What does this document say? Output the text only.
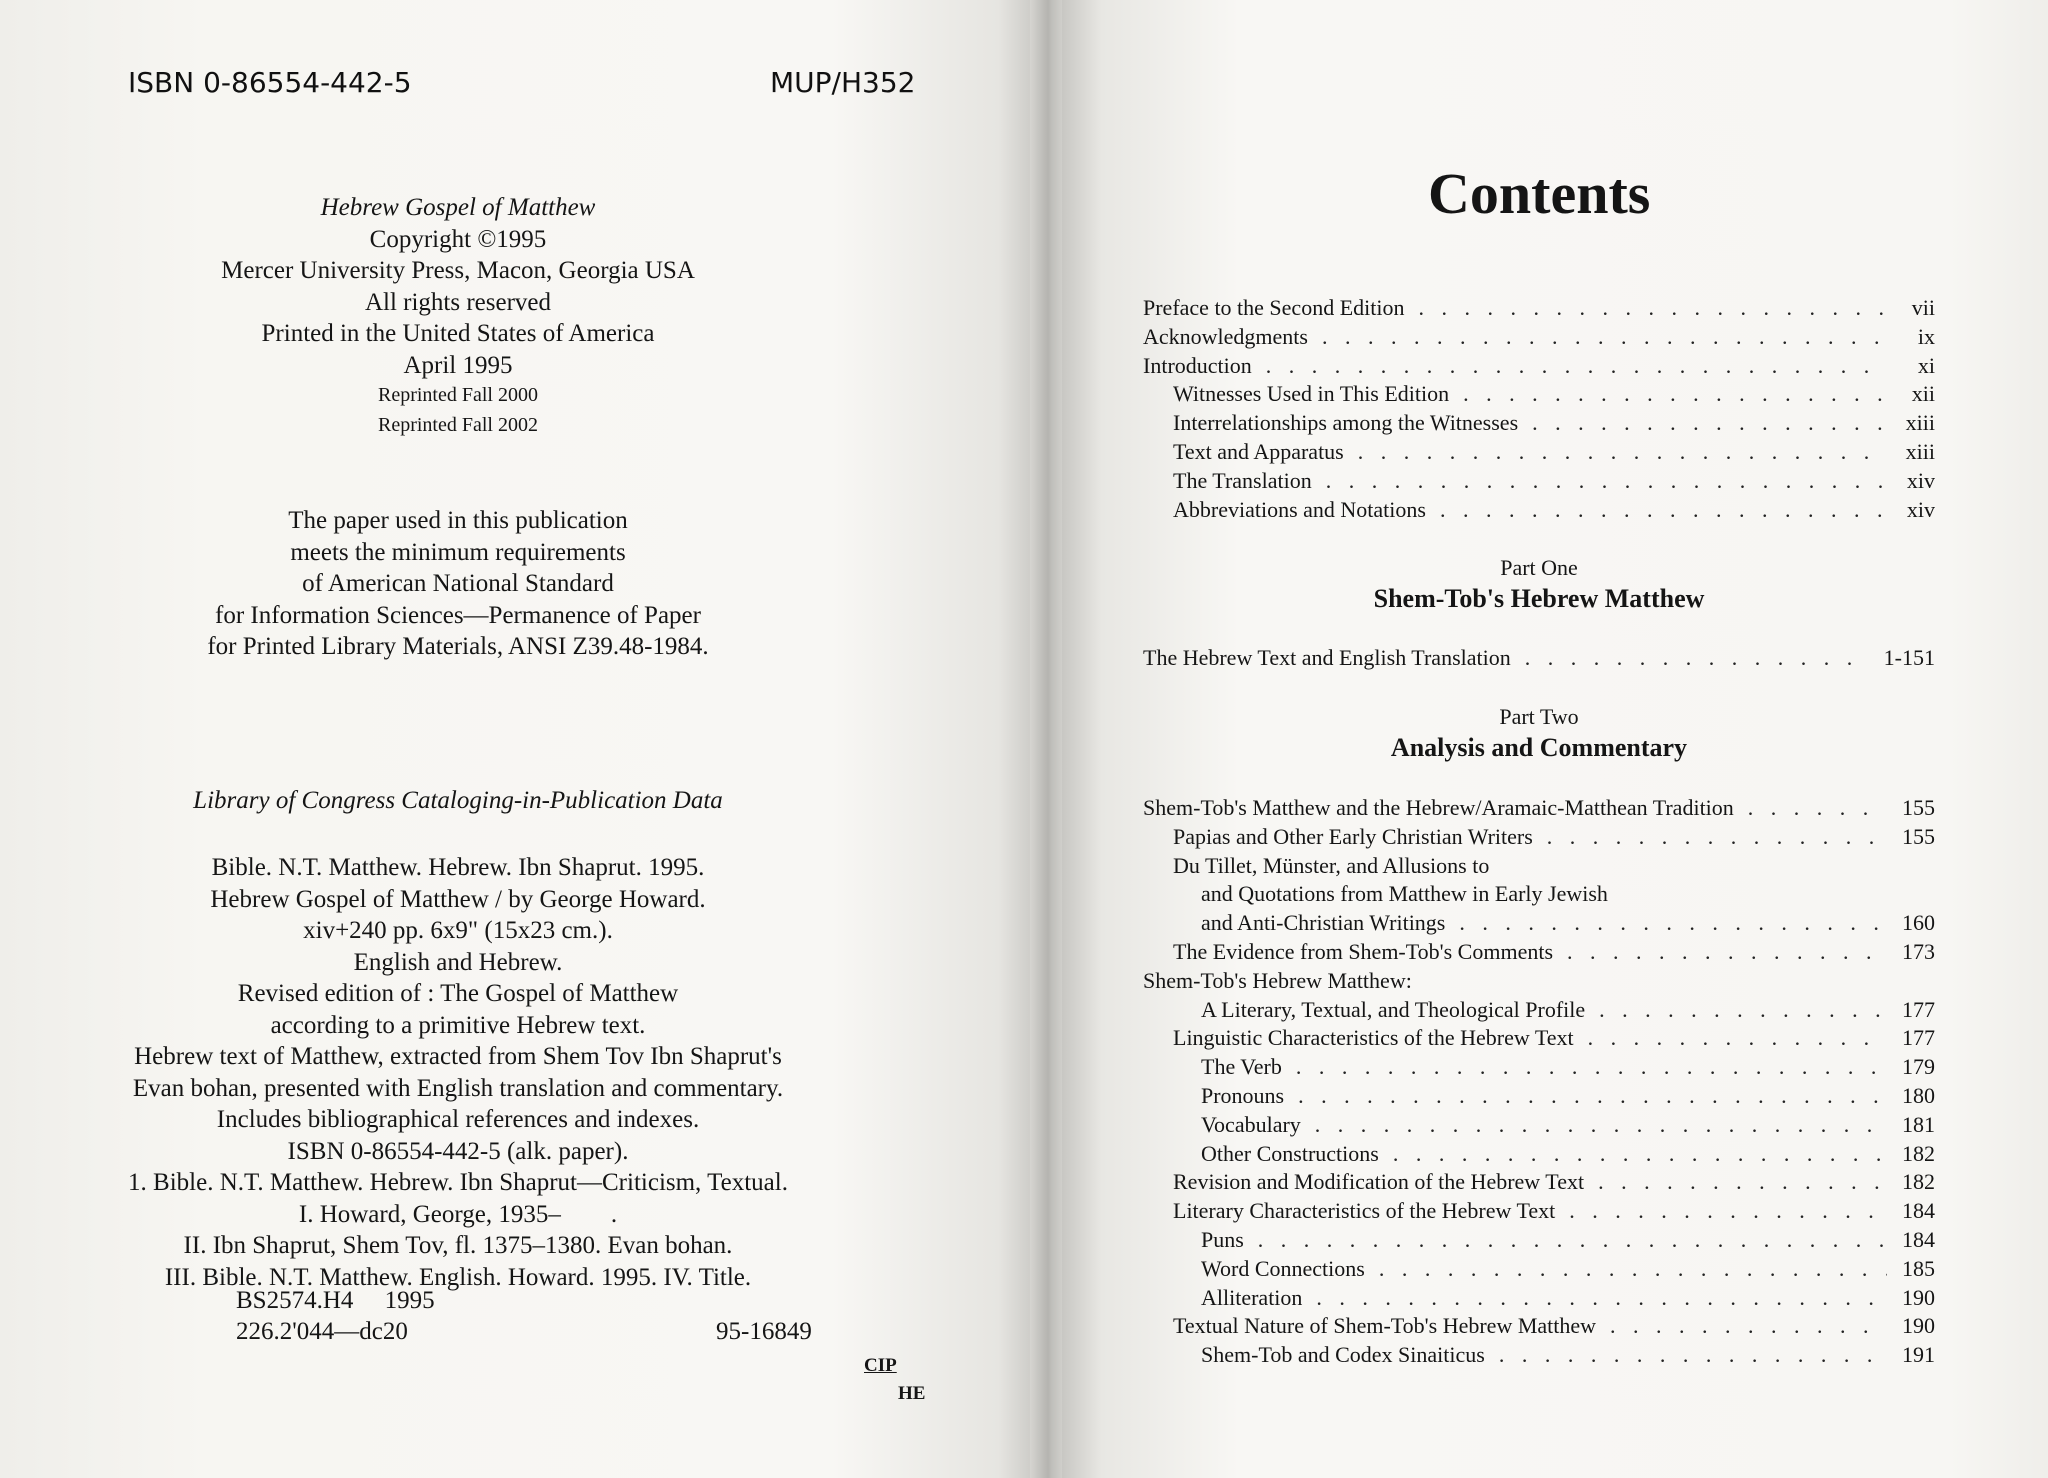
ISBN 0-86554-442-5	MUP/H352
Hebrew Gospel of Matthew
Copyright ©1995
Mercer University Press, Macon, Georgia USA
All rights reserved
Printed in the United States of America
April 1995
Reprinted Fall 2000
Reprinted Fall 2002
The paper used in this publication
meets the minimum requirements
of American National Standard
for Information Sciences—Permanence of Paper
for Printed Library Materials, ANSI Z39.48-1984.
Library of Congress Cataloging-in-Publication Data
Bible. N.T. Matthew. Hebrew. Ibn Shaprut. 1995.
Hebrew Gospel of Matthew / by George Howard.
xiv+240 pp. 6x9" (15x23 cm.).
English and Hebrew.
Revised edition of : The Gospel of Matthew
according to a primitive Hebrew text.
Hebrew text of Matthew, extracted from Shem Tov Ibn Shaprut's
Evan bohan, presented with English translation and commentary.
Includes bibliographical references and indexes.
ISBN 0-86554-442-5 (alk. paper).
1. Bible. N.T. Matthew. Hebrew. Ibn Shaprut—Criticism, Textual.
I. Howard, George, 1935–        .
II. Ibn Shaprut, Shem Tov, fl. 1375–1380. Evan bohan.
III. Bible. N.T. Matthew. English. Howard. 1995. IV. Title.
BS2574.H4     1995
226.2'044—dc20	95-16849
CIP
HE
Contents
Preface to the Second Edition . . .	vii
Acknowledgments . . .	ix
Introduction . . .	xi
Witnesses Used in This Edition . . .	xii
Interrelationships among the Witnesses . . .	xiii
Text and Apparatus . . .	xiii
The Translation . . .	xiv
Abbreviations and Notations . . .	xiv
Part One
Shem-Tob's Hebrew Matthew
The Hebrew Text and English Translation . . .	1-151
Part Two
Analysis and Commentary
Shem-Tob's Matthew and the Hebrew/Aramaic-Matthean Tradition . . .	155
Papias and Other Early Christian Writers . . .	155
Du Tillet, Münster, and Allusions to
and Quotations from Matthew in Early Jewish
and Anti-Christian Writings . . .	160
The Evidence from Shem-Tob's Comments . . .	173
Shem-Tob's Hebrew Matthew:
A Literary, Textual, and Theological Profile . . .	177
Linguistic Characteristics of the Hebrew Text . . .	177
The Verb . . .	179
Pronouns . . .	180
Vocabulary . . .	181
Other Constructions . . .	182
Revision and Modification of the Hebrew Text . . .	182
Literary Characteristics of the Hebrew Text . . .	184
Puns . . .	184
Word Connections . . .	185
Alliteration . . .	190
Textual Nature of Shem-Tob's Hebrew Matthew . . .	190
Shem-Tob and Codex Sinaiticus . . .	191
